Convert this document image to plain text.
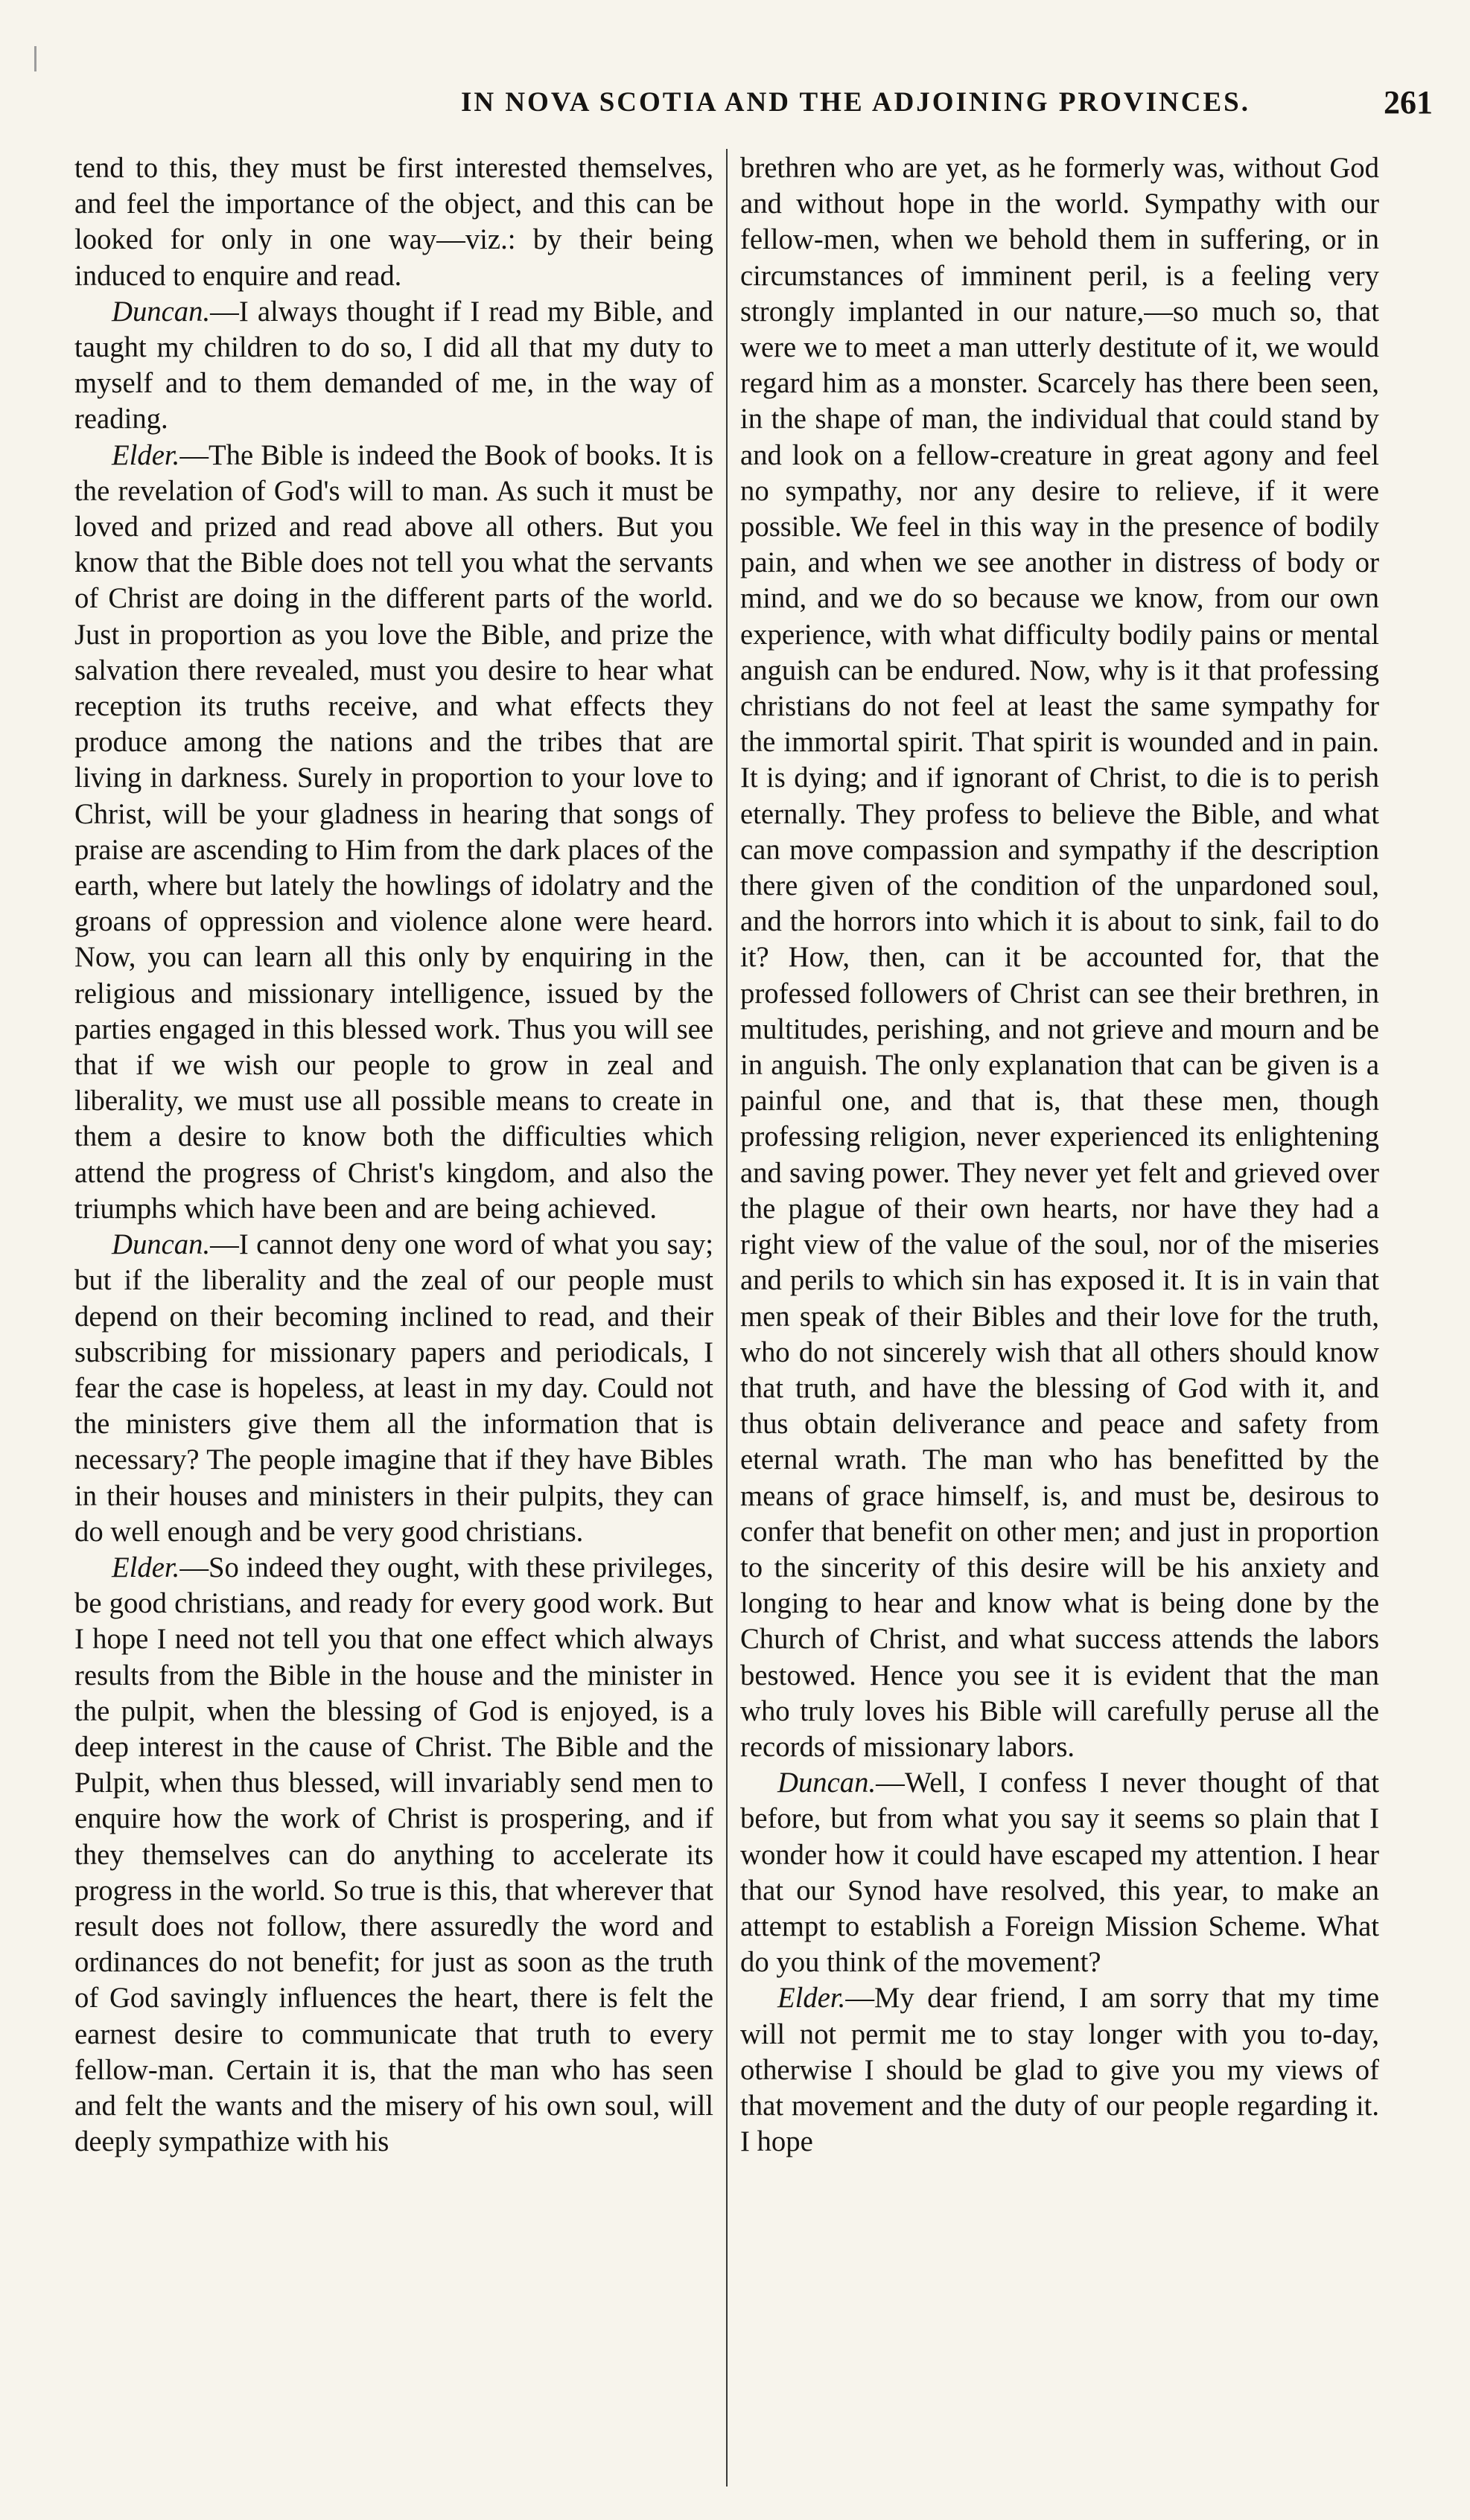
IN NOVA SCOTIA AND THE ADJOINING PROVINCES.	261

tend to this, they must be first interested themselves, and feel the importance of the object, and this can be looked for only in one way—viz.: by their being induced to enquire and read.

Duncan.—I always thought if I read my Bible, and taught my children to do so, I did all that my duty to myself and to them demanded of me, in the way of reading.

Elder.—The Bible is indeed the Book of books. It is the revelation of God's will to man. As such it must be loved and prized and read above all others. But you know that the Bible does not tell you what the servants of Christ are doing in the different parts of the world. Just in proportion as you love the Bible, and prize the salvation there revealed, must you desire to hear what reception its truths receive, and what effects they produce among the nations and the tribes that are living in darkness. Surely in proportion to your love to Christ, will be your gladness in hearing that songs of praise are ascending to Him from the dark places of the earth, where but lately the howlings of idolatry and the groans of oppression and violence alone were heard. Now, you can learn all this only by enquiring in the religious and missionary intelligence, issued by the parties engaged in this blessed work. Thus you will see that if we wish our people to grow in zeal and liberality, we must use all possible means to create in them a desire to know both the difficulties which attend the progress of Christ's kingdom, and also the triumphs which have been and are being achieved.

Duncan.—I cannot deny one word of what you say; but if the liberality and the zeal of our people must depend on their becoming inclined to read, and their subscribing for missionary papers and periodicals, I fear the case is hopeless, at least in my day. Could not the ministers give them all the information that is necessary? The people imagine that if they have Bibles in their houses and ministers in their pulpits, they can do well enough and be very good christians.

Elder.—So indeed they ought, with these privileges, be good christians, and ready for every good work. But I hope I need not tell you that one effect which always results from the Bible in the house and the minister in the pulpit, when the blessing of God is enjoyed, is a deep interest in the cause of Christ. The Bible and the Pulpit, when thus blessed, will invariably send men to enquire how the work of Christ is prospering, and if they themselves can do anything to accelerate its progress in the world. So true is this, that wherever that result does not follow, there assuredly the word and ordinances do not benefit; for just as soon as the truth of God savingly influences the heart, there is felt the earnest desire to communicate that truth to every fellow-man. Certain it is, that the man who has seen and felt the wants and the misery of his own soul, will deeply sympathize with his

brethren who are yet, as he formerly was, without God and without hope in the world. Sympathy with our fellow-men, when we behold them in suffering, or in circumstances of imminent peril, is a feeling very strongly implanted in our nature,—so much so, that were we to meet a man utterly destitute of it, we would regard him as a monster. Scarcely has there been seen, in the shape of man, the individual that could stand by and look on a fellow-creature in great agony and feel no sympathy, nor any desire to relieve, if it were possible. We feel in this way in the presence of bodily pain, and when we see another in distress of body or mind, and we do so because we know, from our own experience, with what difficulty bodily pains or mental anguish can be endured. Now, why is it that professing christians do not feel at least the same sympathy for the immortal spirit. That spirit is wounded and in pain. It is dying; and if ignorant of Christ, to die is to perish eternally. They profess to believe the Bible, and what can move compassion and sympathy if the description there given of the condition of the unpardoned soul, and the horrors into which it is about to sink, fail to do it? How, then, can it be accounted for, that the professed followers of Christ can see their brethren, in multitudes, perishing, and not grieve and mourn and be in anguish. The only explanation that can be given is a painful one, and that is, that these men, though professing religion, never experienced its enlightening and saving power. They never yet felt and grieved over the plague of their own hearts, nor have they had a right view of the value of the soul, nor of the miseries and perils to which sin has exposed it. It is in vain that men speak of their Bibles and their love for the truth, who do not sincerely wish that all others should know that truth, and have the blessing of God with it, and thus obtain deliverance and peace and safety from eternal wrath. The man who has benefitted by the means of grace himself, is, and must be, desirous to confer that benefit on other men; and just in proportion to the sincerity of this desire will be his anxiety and longing to hear and know what is being done by the Church of Christ, and what success attends the labors bestowed. Hence you see it is evident that the man who truly loves his Bible will carefully peruse all the records of missionary labors.

Duncan.—Well, I confess I never thought of that before, but from what you say it seems so plain that I wonder how it could have escaped my attention. I hear that our Synod have resolved, this year, to make an attempt to establish a Foreign Mission Scheme. What do you think of the movement?

Elder.—My dear friend, I am sorry that my time will not permit me to stay longer with you to-day, otherwise I should be glad to give you my views of that movement and the duty of our people regarding it. I hope
